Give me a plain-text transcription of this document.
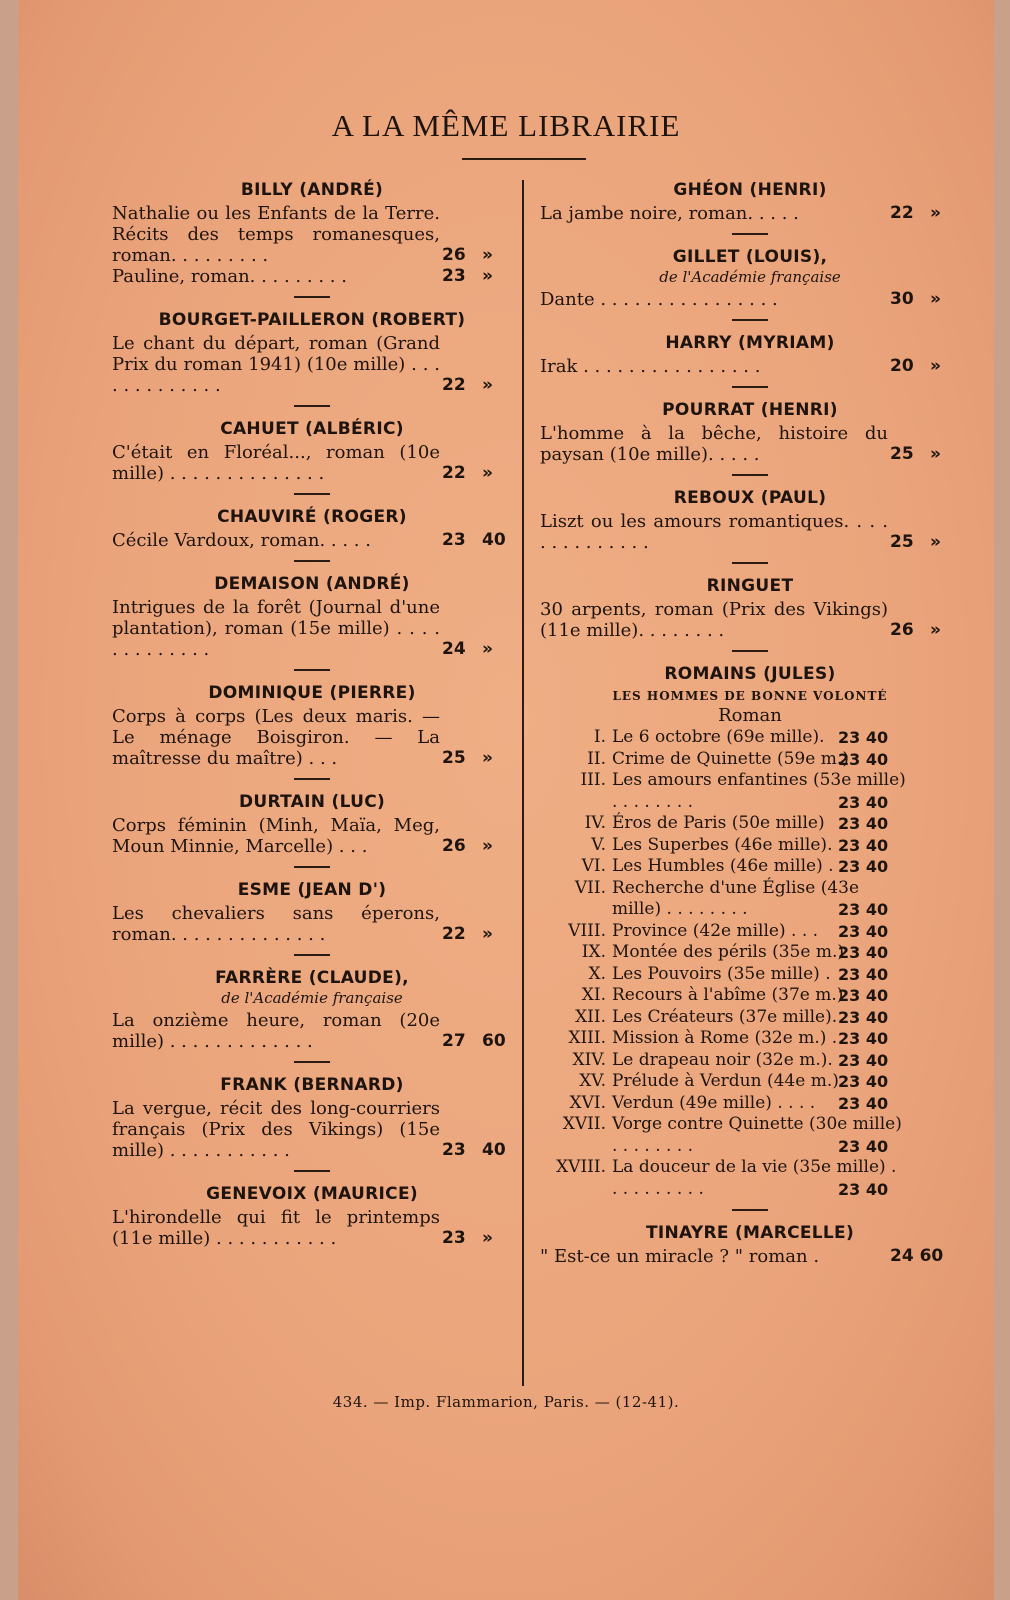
A LA MÊME LIBRAIRIE
BILLY (ANDRÉ)
Nathalie ou les Enfants de la Terre. Récits des temps romanesques, roman. . . . . . . . .	26 »
Pauline, roman. . . . . . . . .	23 »
BOURGET-PAILLERON (ROBERT)
Le chant du départ, roman (Grand Prix du roman 1941) (10e mille) . . . . . . . . . . . . .	22 »
CAHUET (ALBÉRIC)
C'était en Floréal..., roman (10e mille) . . . . . . . . . . . . . .	22 »
CHAUVIRÉ (ROGER)
Cécile Vardoux, roman. . . . .	23 40
DEMAISON (ANDRÉ)
Intrigues de la forêt (Journal d'une plantation), roman (15e mille) . . . . . . . . . . . . .	24 »
DOMINIQUE (PIERRE)
Corps à corps (Les deux maris. — Le ménage Boisgiron. — La maîtresse du maître) . . .	25 »
DURTAIN (LUC)
Corps féminin (Minh, Maïa, Meg, Moun Minnie, Marcelle) . . .	26 »
ESME (JEAN D')
Les chevaliers sans éperons, roman. . . . . . . . . . . . . .	22 »
FARRÈRE (CLAUDE),
de l'Académie française
La onzième heure, roman (20e mille) . . . . . . . . . . . . .	27 60
FRANK (BERNARD)
La vergue, récit des long-courriers français (Prix des Vikings) (15e mille) . . . . . . . . . . .	23 40
GENEVOIX (MAURICE)
L'hirondelle qui fit le printemps (11e mille) . . . . . . . . . . .	23 »
GHÉON (HENRI)
La jambe noire, roman. . . . .	22 »
GILLET (LOUIS),
de l'Académie française
Dante . . . . . . . . . . . . . . . .	30 »
HARRY (MYRIAM)
Irak . . . . . . . . . . . . . . . .	20 »
POURRAT (HENRI)
L'homme à la bêche, histoire du paysan (10e mille). . . . .	25 »
REBOUX (PAUL)
Liszt ou les amours romantiques. . . . . . . . . . . . . .	25 »
RINGUET
30 arpents, roman (Prix des Vikings) (11e mille). . . . . . . .	26 »
ROMAINS (JULES)
LES HOMMES DE BONNE VOLONTÉ
Roman
I. Le 6 octobre (69e mille). 23 40
II. Crime de Quinette (59e m.)
23 40
III. Les amours enfantines (53e mille) . . . . . . . .	23 40
IV. Éros de Paris (50e mille) 23 40
V. Les Superbes (46e mille). 23 40
VI. Les Humbles (46e mille) . 23 40
VII. Recherche d'une Église (43e mille) . . . . . . . .	23 40
VIII. Province (42e mille) . . . 23 40
IX. Montée des périls (35e m.)
23 40
X. Les Pouvoirs (35e mille) . 23 40
XI. Recours à l'abîme (37e m.)
23 40
XII. Les Créateurs (37e mille). 23 40
XIII. Mission à Rome (32e m.) . 23 40
XIV. Le drapeau noir (32e m.). 23 40
XV. Prélude à Verdun (44e m.) 23 40
XVI. Verdun (49e mille) . . . . 23 40
XVII. Vorge contre Quinette (30e mille) . . . . . . . .	23 40
XVIII. La douceur de la vie (35e mille) . . . . . . . . . .	23 40
TINAYRE (MARCELLE)
" Est-ce un miracle ? " roman .	24 60
434. — Imp. Flammarion, Paris. — (12-41).
